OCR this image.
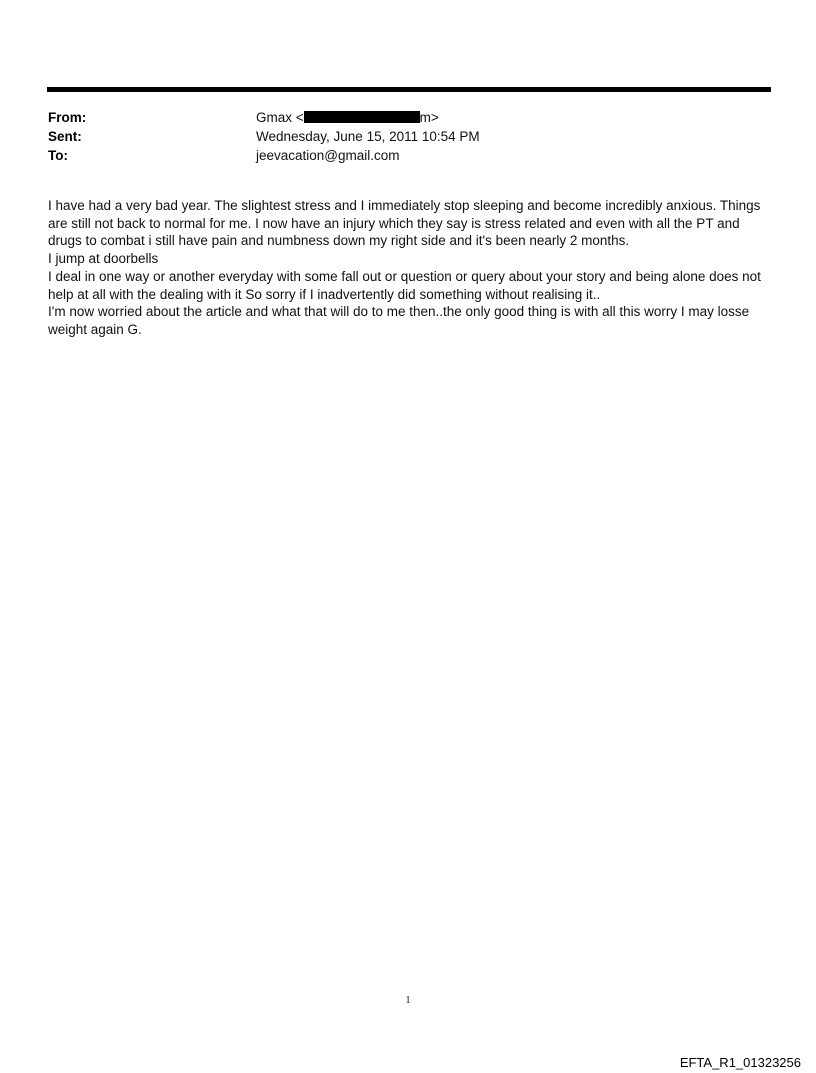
From:	Gmax <	m>
Sent:	Wednesday, June 15, 2011 10:54 PM
To:	jeevacation@gmail.com

I have had a very bad year. The slightest stress and I immediately stop sleeping and become incredibly anxious. Things are still not back to normal for me. I now have an injury which they say is stress related and even with all the PT and drugs to combat i still have pain and numbness down my right side and it's been nearly 2 months.

I jump at doorbells

I deal in one way or another everyday with some fall out or question or query about your story and being alone does not help at all with the dealing with it So sorry if I inadvertently did something without realising it..

I'm now worried about the article and what that will do to me then..the only good thing is with all this worry I may losse weight again G.

1
EFTA_R1_01323256
